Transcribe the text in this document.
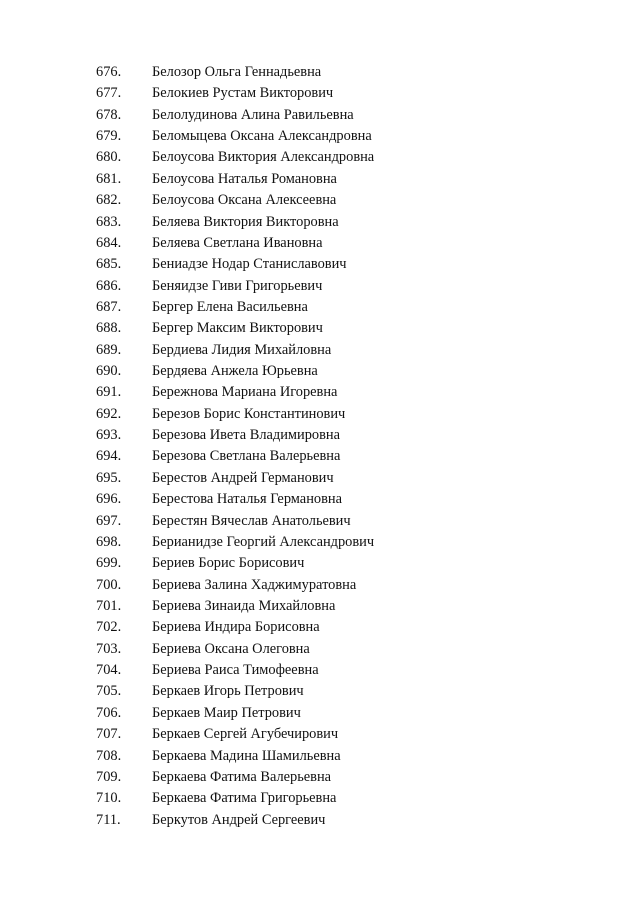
676. Белозор Ольга Геннадьевна
677. Белокиев Рустам Викторович
678. Белолудинова Алина Равильевна
679. Беломыцева Оксана Александровна
680. Белоусова Виктория Александровна
681. Белоусова Наталья Романовна
682. Белоусова Оксана Алексеевна
683. Беляева Виктория Викторовна
684. Беляева Светлана Ивановна
685. Бениадзе Нодар Станиславович
686. Беняидзе Гиви Григорьевич
687. Бергер Елена Васильевна
688. Бергер Максим Викторович
689. Бердиева Лидия Михайловна
690. Бердяева Анжела Юрьевна
691. Бережнова Мариана Игоревна
692. Березов Борис Константинович
693. Березова Ивета Владимировна
694. Березова Светлана Валерьевна
695. Берестов Андрей Германович
696. Берестова Наталья Германовна
697. Берестян Вячеслав Анатольевич
698. Берианидзе Георгий Александрович
699. Бериев Борис Борисович
700. Бериева Залина Хаджимуратовна
701. Бериева Зинаида Михайловна
702. Бериева Индира Борисовна
703. Бериева Оксана Олеговна
704. Бериева Раиса Тимофеевна
705. Беркаев Игорь Петрович
706. Беркаев Маир Петрович
707. Беркаев Сергей Агубечирович
708. Беркаева Мадина Шамильевна
709. Беркаева Фатима Валерьевна
710. Беркаева Фатима Григорьевна
711. Беркутов Андрей Сергеевич
